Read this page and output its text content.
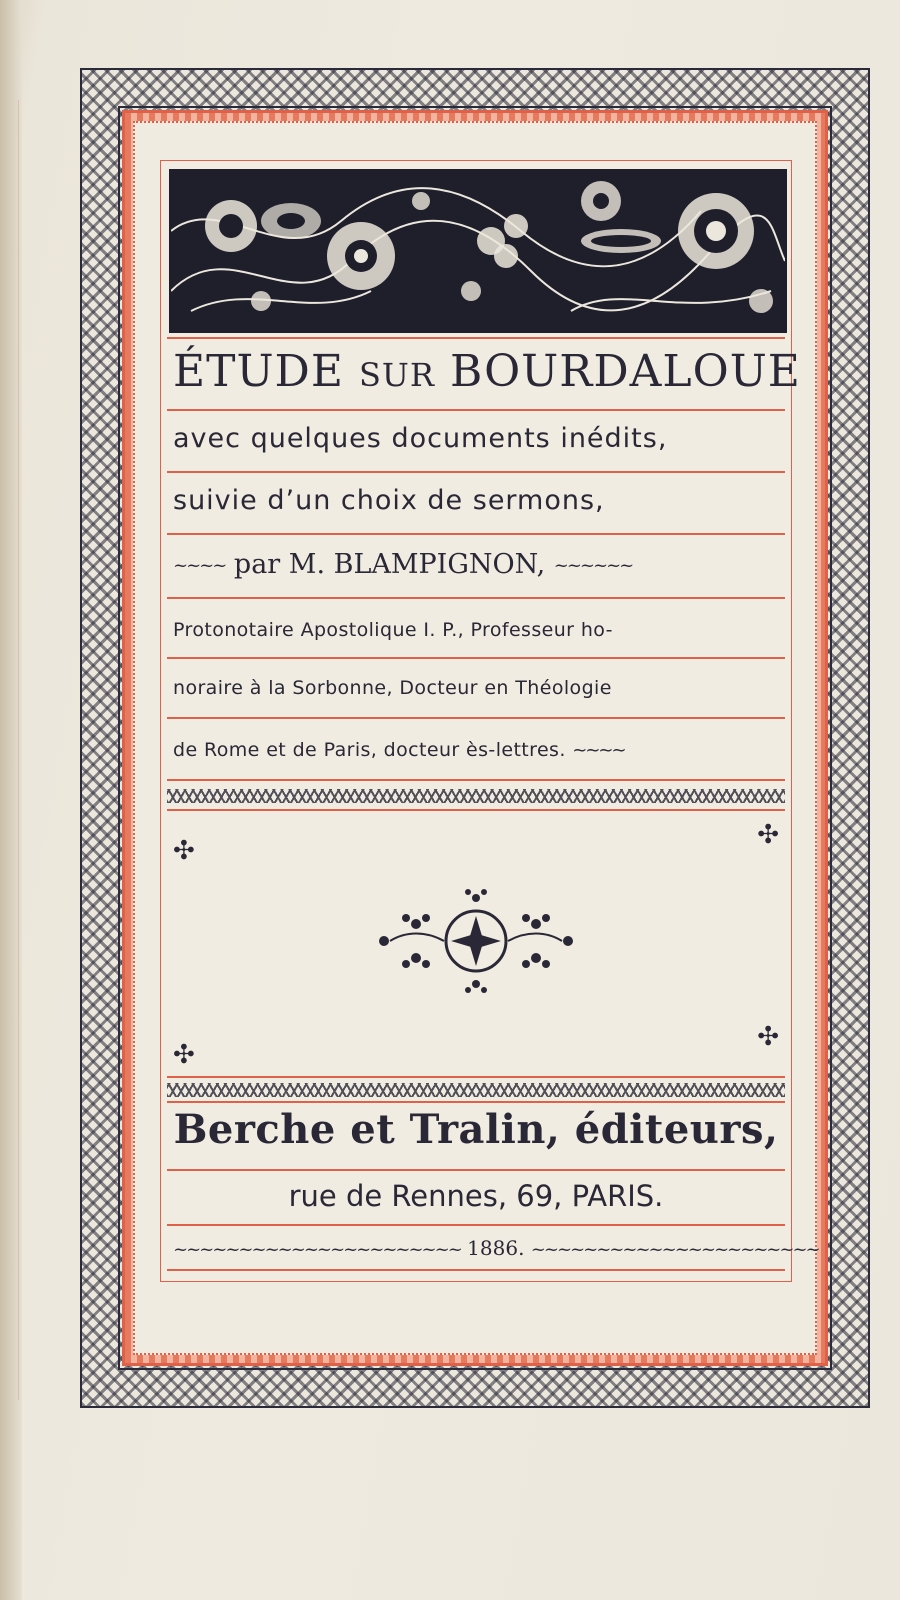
ÉTUDE SUR BOURDALOUE
avec quelques documents inédits,
suivie d’un choix de sermons,
~~~~ par M. BLAMPIGNON, ~~~~~~
Protonotaire Apostolique I. P., Professeur ho-
noraire à la Sorbonne, Docteur en Théologie
de Rome et de Paris, docteur ès-lettres. ~~~~
✣
✣
✣
✣
Berche et Tralin, éditeurs,
rue de Rennes, 69, PARIS.
~~~~~~~~~~~~~~~~~~~~~~ 1886. ~~~~~~~~~~~~~~~~~~~~~~
